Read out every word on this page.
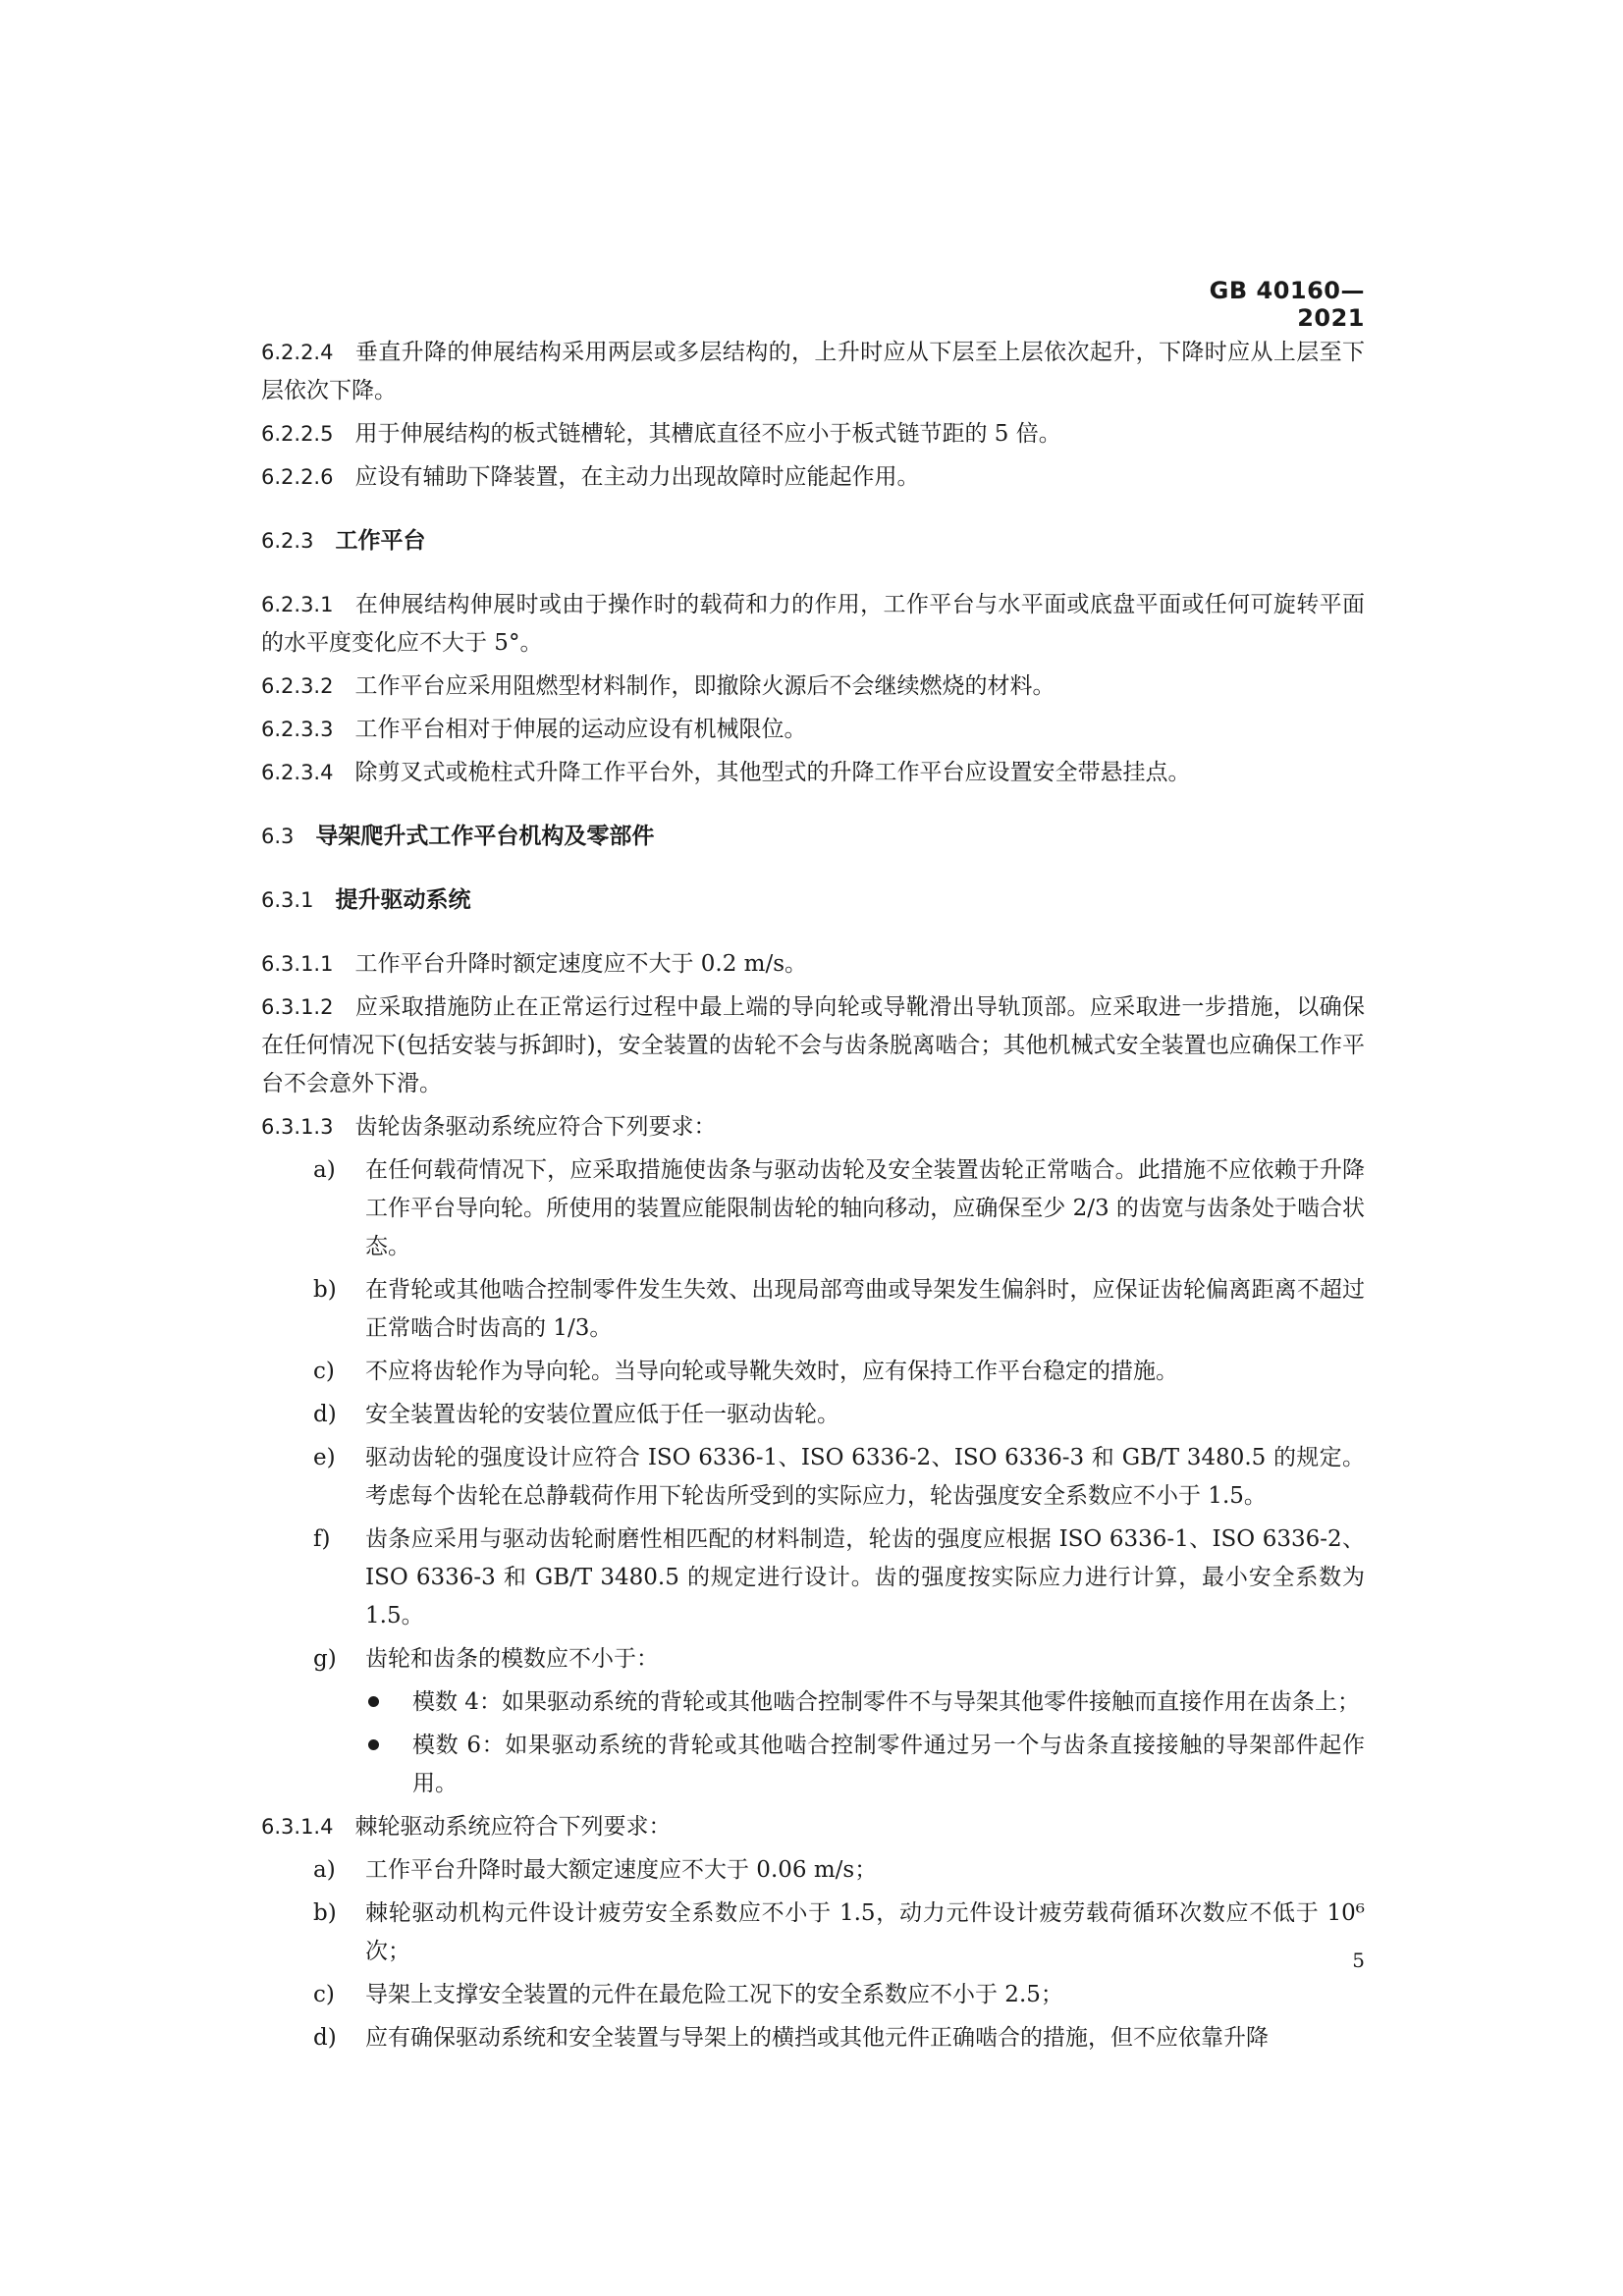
GB 40160—2021

6.2.2.4 垂直升降的伸展结构采用两层或多层结构的，上升时应从下层至上层依次起升，下降时应从上层至下层依次下降。

6.2.2.5 用于伸展结构的板式链槽轮，其槽底直径不应小于板式链节距的 5 倍。

6.2.2.6 应设有辅助下降装置，在主动力出现故障时应能起作用。

6.2.3 工作平台

6.2.3.1 在伸展结构伸展时或由于操作时的载荷和力的作用，工作平台与水平面或底盘平面或任何可旋转平面的水平度变化应不大于 5°。

6.2.3.2 工作平台应采用阻燃型材料制作，即撤除火源后不会继续燃烧的材料。

6.2.3.3 工作平台相对于伸展的运动应设有机械限位。

6.2.3.4 除剪叉式或桅柱式升降工作平台外，其他型式的升降工作平台应设置安全带悬挂点。

6.3 导架爬升式工作平台机构及零部件
6.3.1 提升驱动系统

6.3.1.1 工作平台升降时额定速度应不大于 0.2 m/s。

6.3.1.2 应采取措施防止在正常运行过程中最上端的导向轮或导靴滑出导轨顶部。应采取进一步措施，以确保在任何情况下(包括安装与拆卸时)，安全装置的齿轮不会与齿条脱离啮合；其他机械式安全装置也应确保工作平台不会意外下滑。

6.3.1.3 齿轮齿条驱动系统应符合下列要求：

a) 在任何载荷情况下，应采取措施使齿条与驱动齿轮及安全装置齿轮正常啮合。此措施不应依赖于升降工作平台导向轮。所使用的装置应能限制齿轮的轴向移动，应确保至少 2/3 的齿宽与齿条处于啮合状态。
b) 在背轮或其他啮合控制零件发生失效、出现局部弯曲或导架发生偏斜时，应保证齿轮偏离距离不超过正常啮合时齿高的 1/3。
c) 不应将齿轮作为导向轮。当导向轮或导靴失效时，应有保持工作平台稳定的措施。
d) 安全装置齿轮的安装位置应低于任一驱动齿轮。
e) 驱动齿轮的强度设计应符合 ISO 6336-1、ISO 6336-2、ISO 6336-3 和 GB/T 3480.5 的规定。考虑每个齿轮在总静载荷作用下轮齿所受到的实际应力，轮齿强度安全系数应不小于 1.5。
f) 齿条应采用与驱动齿轮耐磨性相匹配的材料制造，轮齿的强度应根据 ISO 6336-1、ISO 6336-2、ISO 6336-3 和 GB/T 3480.5 的规定进行设计。齿的强度按实际应力进行计算，最小安全系数为 1.5。
g) 齿轮和齿条的模数应不小于：
模数 4：如果驱动系统的背轮或其他啮合控制零件不与导架其他零件接触而直接作用在齿条上；
模数 6：如果驱动系统的背轮或其他啮合控制零件通过另一个与齿条直接接触的导架部件起作用。

6.3.1.4 棘轮驱动系统应符合下列要求：

a) 工作平台升降时最大额定速度应不大于 0.06 m/s；
b) 棘轮驱动机构元件设计疲劳安全系数应不小于 1.5，动力元件设计疲劳载荷循环次数应不低于 10⁶ 次；
c) 导架上支撑安全装置的元件在最危险工况下的安全系数应不小于 2.5；
d) 应有确保驱动系统和安全装置与导架上的横挡或其他元件正确啮合的措施，但不应依靠升降
5
